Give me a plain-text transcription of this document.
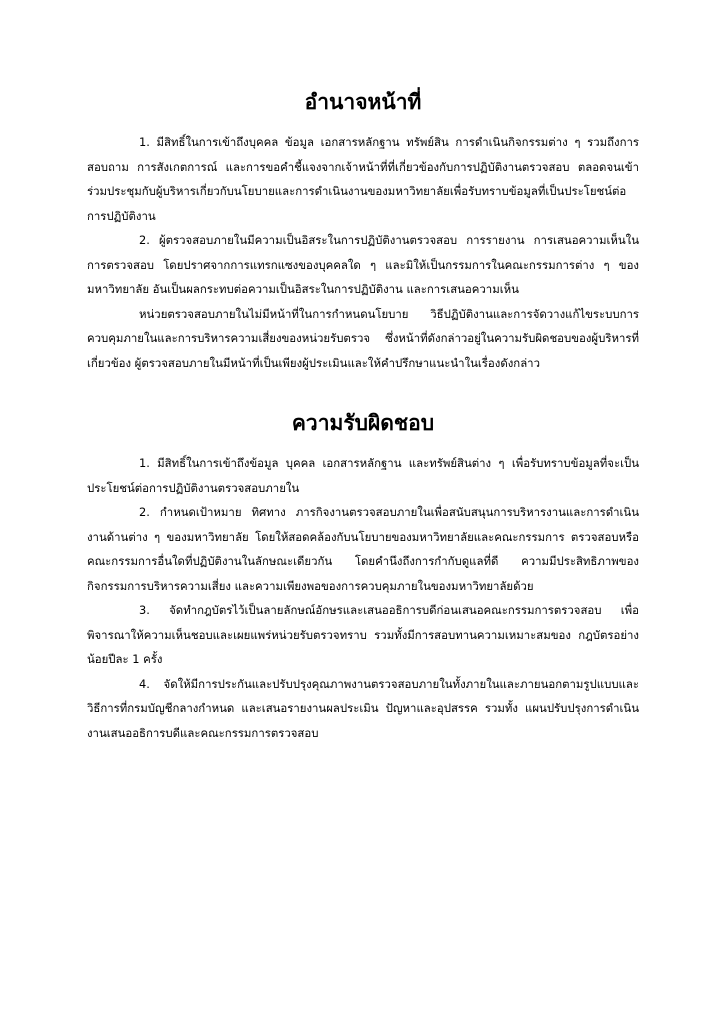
อำนาจหน้าที่

1. มีสิทธิ์ในการเข้าถึงบุคคล ข้อมูล เอกสารหลักฐาน ทรัพย์สิน การดำเนินกิจกรรมต่าง ๆ รวมถึงการสอบถาม การสังเกตการณ์ และการขอคำชี้แจงจากเจ้าหน้าที่ที่เกี่ยวข้องกับการปฏิบัติงานตรวจสอบ ตลอดจนเข้าร่วมประชุมกับผู้บริหารเกี่ยวกับนโยบายและการดำเนินงานของมหาวิทยาลัยเพื่อรับทราบข้อมูลที่เป็นประโยชน์ต่อการปฏิบัติงาน

2. ผู้ตรวจสอบภายในมีความเป็นอิสระในการปฏิบัติงานตรวจสอบ การรายงาน การเสนอความเห็นในการตรวจสอบ โดยปราศจากการแทรกแซงของบุคคลใด ๆ และมิให้เป็นกรรมการในคณะกรรมการต่าง ๆ ของมหาวิทยาลัย อันเป็นผลกระทบต่อความเป็นอิสระในการปฏิบัติงาน และการเสนอความเห็น

หน่วยตรวจสอบภายในไม่มีหน้าที่ในการกำหนดนโยบาย วิธีปฏิบัติงานและการจัดวางแก้ไขระบบการควบคุมภายในและการบริหารความเสี่ยงของหน่วยรับตรวจ ซึ่งหน้าที่ดังกล่าวอยู่ในความรับผิดชอบของผู้บริหารที่เกี่ยวข้อง ผู้ตรวจสอบภายในมีหน้าที่เป็นเพียงผู้ประเมินและให้คำปรึกษาแนะนำในเรื่องดังกล่าว

ความรับผิดชอบ

1. มีสิทธิ์ในการเข้าถึงข้อมูล บุคคล เอกสารหลักฐาน และทรัพย์สินต่าง ๆ เพื่อรับทราบข้อมูลที่จะเป็นประโยชน์ต่อการปฏิบัติงานตรวจสอบภายใน

2. กำหนดเป้าหมาย ทิศทาง ภารกิจงานตรวจสอบภายในเพื่อสนับสนุนการบริหารงานและการดำเนินงานด้านต่าง ๆ ของมหาวิทยาลัย โดยให้สอดคล้องกับนโยบายของมหาวิทยาลัยและคณะกรรมการ ตรวจสอบหรือคณะกรรมการอื่นใดที่ปฏิบัติงานในลักษณะเดียวกัน โดยคำนึงถึงการกำกับดูแลที่ดี ความมีประสิทธิภาพของกิจกรรมการบริหารความเสี่ยง และความเพียงพอของการควบคุมภายในของมหาวิทยาลัยด้วย

3. จัดทำกฎบัตรไว้เป็นลายลักษณ์อักษรและเสนออธิการบดีก่อนเสนอคณะกรรมการตรวจสอบ เพื่อพิจารณาให้ความเห็นชอบและเผยแพร่หน่วยรับตรวจทราบ รวมทั้งมีการสอบทานความเหมาะสมของ กฎบัตรอย่างน้อยปีละ 1 ครั้ง

4. จัดให้มีการประกันและปรับปรุงคุณภาพงานตรวจสอบภายในทั้งภายในและภายนอกตามรูปแบบและวิธีการที่กรมบัญชีกลางกำหนด และเสนอรายงานผลประเมิน ปัญหาและอุปสรรค รวมทั้ง แผนปรับปรุงการดำเนินงานเสนออธิการบดีและคณะกรรมการตรวจสอบ
